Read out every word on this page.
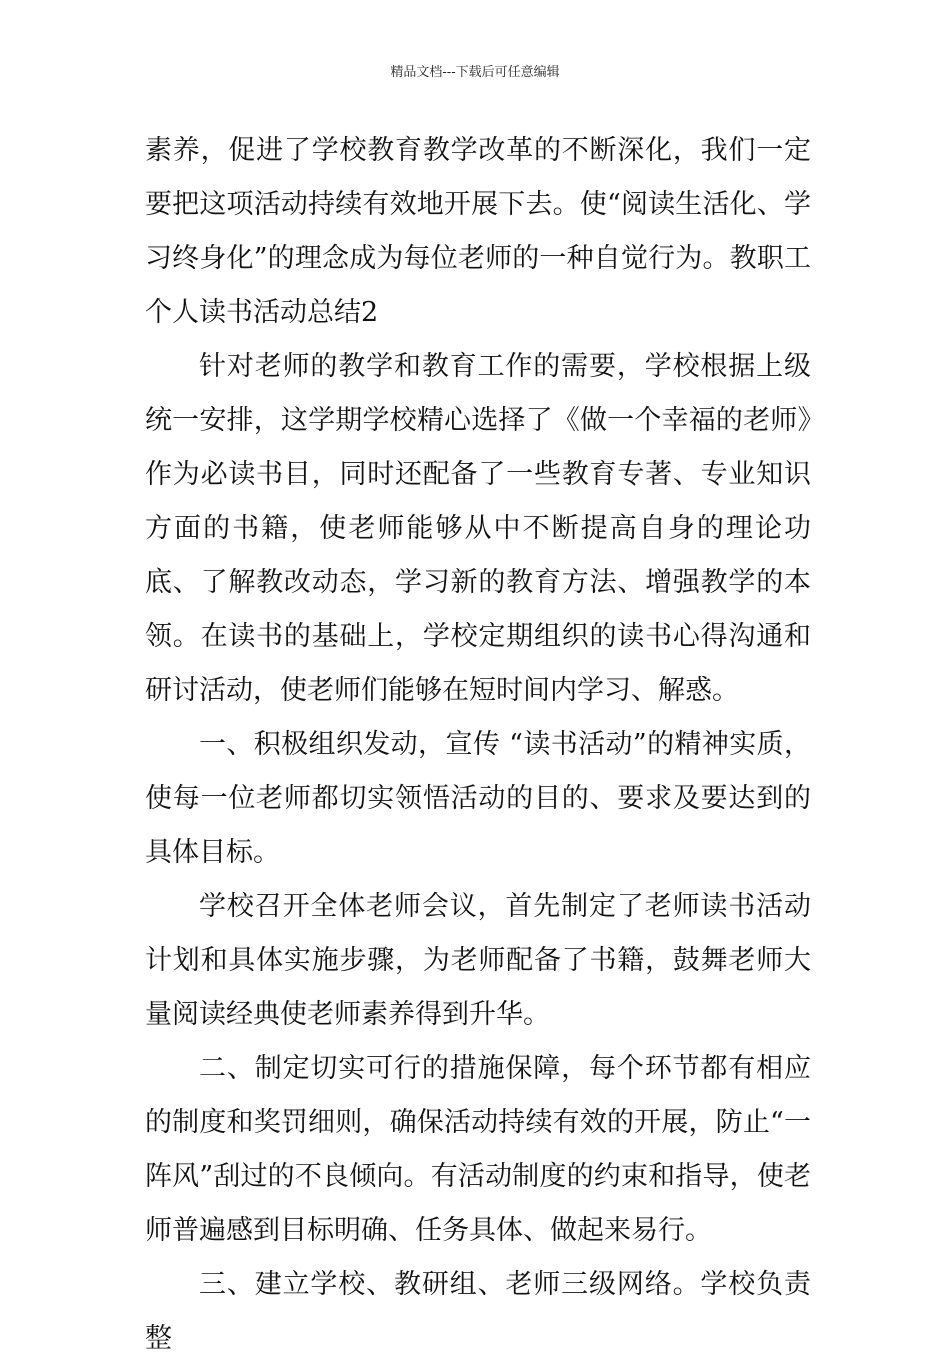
精品文档---下载后可任意编辑

素养，促进了学校教育教学改革的不断深化，我们一定要把这项活动持续有效地开展下去。使“阅读生活化、学习终身化”的理念成为每位老师的一种自觉行为。教职工个人读书活动总结2

针对老师的教学和教育工作的需要，学校根据上级统一安排，这学期学校精心选择了《做一个幸福的老师》作为必读书目，同时还配备了一些教育专著、专业知识方面的书籍，使老师能够从中不断提高自身的理论功底、了解教改动态，学习新的教育方法、增强教学的本领。在读书的基础上，学校定期组织的读书心得沟通和研讨活动，使老师们能够在短时间内学习、解惑。

一、积极组织发动，宣传 “读书活动”的精神实质，使每一位老师都切实领悟活动的目的、要求及要达到的具体目标。

学校召开全体老师会议，首先制定了老师读书活动计划和具体实施步骤，为老师配备了书籍，鼓舞老师大量阅读经典使老师素养得到升华。

二、制定切实可行的措施保障，每个环节都有相应的制度和奖罚细则，确保活动持续有效的开展，防止“一阵风”刮过的不良倾向。有活动制度的约束和指导，使老师普遍感到目标明确、任务具体、做起来易行。

三、建立学校、教研组、老师三级网络。学校负责整
